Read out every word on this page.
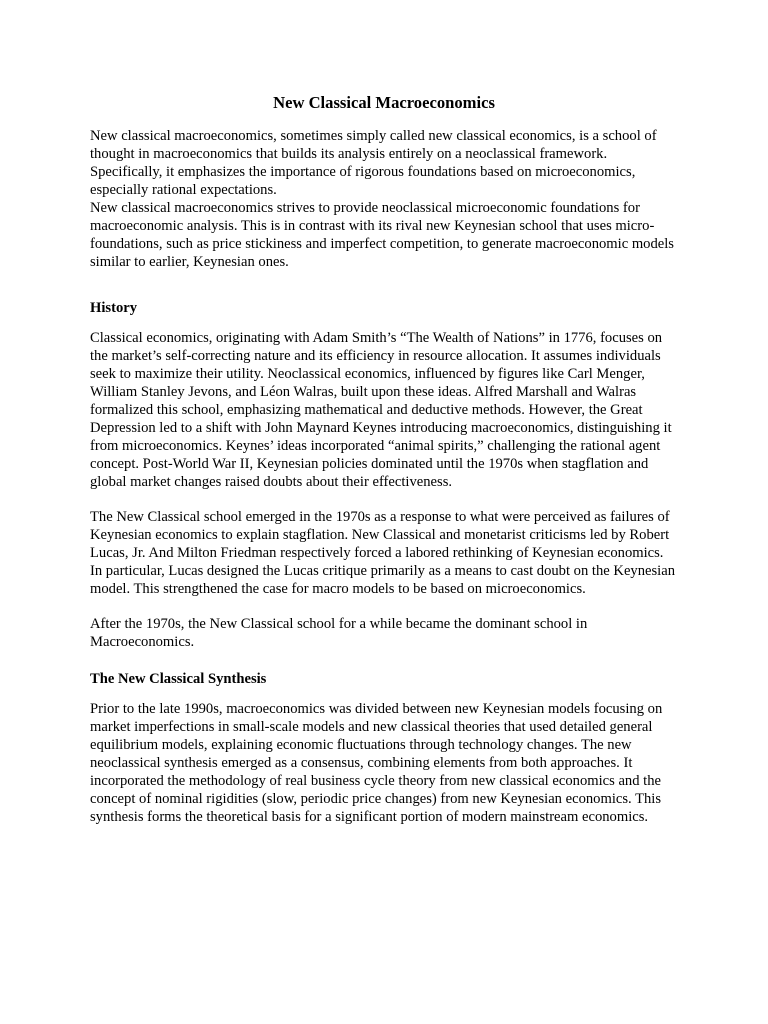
New Classical Macroeconomics

New classical macroeconomics, sometimes simply called new classical economics, is a school of thought in macroeconomics that builds its analysis entirely on a neoclassical framework. Specifically, it emphasizes the importance of rigorous foundations based on microeconomics, especially rational expectations.

New classical macroeconomics strives to provide neoclassical microeconomic foundations for macroeconomic analysis. This is in contrast with its rival new Keynesian school that uses micro-foundations, such as price stickiness and imperfect competition, to generate macroeconomic models similar to earlier, Keynesian ones.

History

Classical economics, originating with Adam Smith’s “The Wealth of Nations” in 1776, focuses on the market’s self-correcting nature and its efficiency in resource allocation. It assumes individuals seek to maximize their utility. Neoclassical economics, influenced by figures like Carl Menger, William Stanley Jevons, and Léon Walras, built upon these ideas. Alfred Marshall and Walras formalized this school, emphasizing mathematical and deductive methods. However, the Great Depression led to a shift with John Maynard Keynes introducing macroeconomics, distinguishing it from microeconomics. Keynes’ ideas incorporated “animal spirits,” challenging the rational agent concept. Post-World War II, Keynesian policies dominated until the 1970s when stagflation and global market changes raised doubts about their effectiveness.

The New Classical school emerged in the 1970s as a response to what were perceived as failures of Keynesian economics to explain stagflation. New Classical and monetarist criticisms led by Robert Lucas, Jr. And Milton Friedman respectively forced a labored rethinking of Keynesian economics. In particular, Lucas designed the Lucas critique primarily as a means to cast doubt on the Keynesian model. This strengthened the case for macro models to be based on microeconomics.

After the 1970s, the New Classical school for a while became the dominant school in Macroeconomics.

The New Classical Synthesis

Prior to the late 1990s, macroeconomics was divided between new Keynesian models focusing on market imperfections in small-scale models and new classical theories that used detailed general equilibrium models, explaining economic fluctuations through technology changes. The new neoclassical synthesis emerged as a consensus, combining elements from both approaches. It incorporated the methodology of real business cycle theory from new classical economics and the concept of nominal rigidities (slow, periodic price changes) from new Keynesian economics. This synthesis forms the theoretical basis for a significant portion of modern mainstream economics.
